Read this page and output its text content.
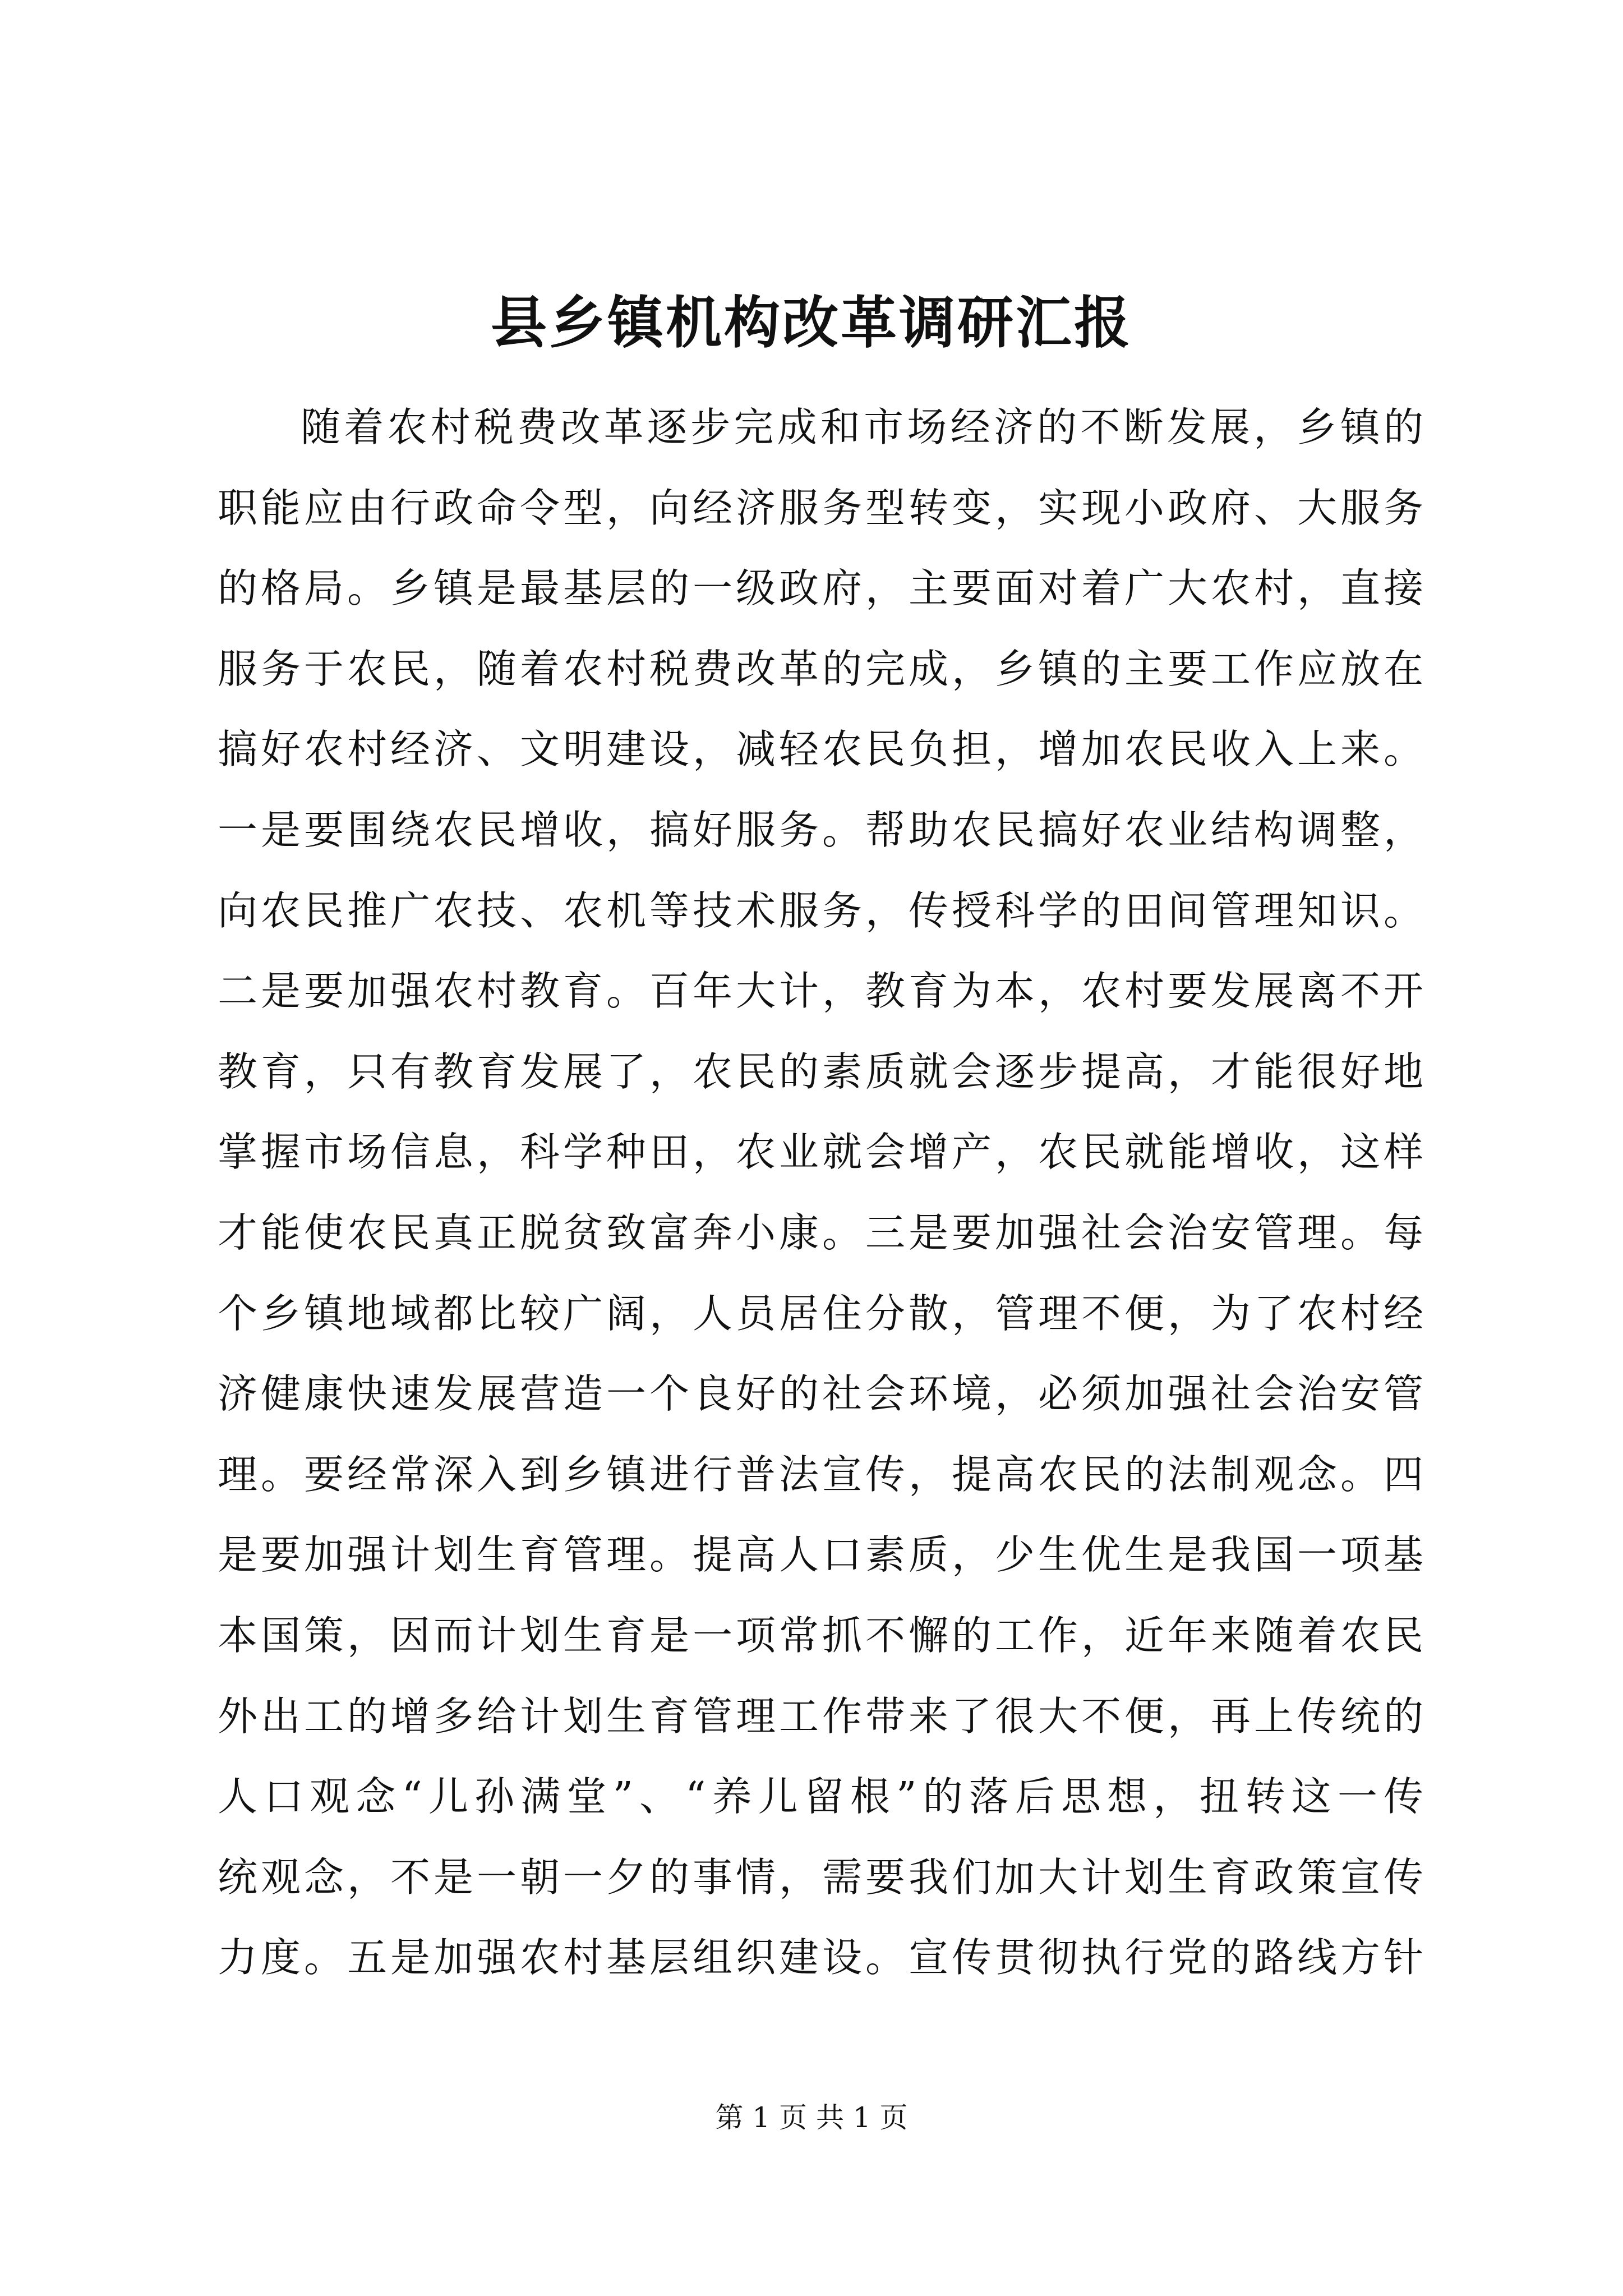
县乡镇机构改革调研汇报
随着农村税费改革逐步完成和市场经济的不断发展，乡镇的
职能应由行政命令型，向经济服务型转变，实现小政府、大服务
的格局。乡镇是最基层的一级政府，主要面对着广大农村，直接
服务于农民，随着农村税费改革的完成，乡镇的主要工作应放在
搞好农村经济、文明建设，减轻农民负担，增加农民收入上来。
一是要围绕农民增收，搞好服务。帮助农民搞好农业结构调整，
向农民推广农技、农机等技术服务，传授科学的田间管理知识。
二是要加强农村教育。百年大计，教育为本，农村要发展离不开
教育，只有教育发展了，农民的素质就会逐步提高，才能很好地
掌握市场信息，科学种田，农业就会增产，农民就能增收，这样
才能使农民真正脱贫致富奔小康。三是要加强社会治安管理。每
个乡镇地域都比较广阔，人员居住分散，管理不便，为了农村经
济健康快速发展营造一个良好的社会环境，必须加强社会治安管
理。要经常深入到乡镇进行普法宣传，提高农民的法制观念。四
是要加强计划生育管理。提高人口素质，少生优生是我国一项基
本国策，因而计划生育是一项常抓不懈的工作，近年来随着农民
外出工的增多给计划生育管理工作带来了很大不便，再上传统的
人口观念“儿孙满堂”、“养儿留根”的落后思想，扭转这一传
统观念，不是一朝一夕的事情，需要我们加大计划生育政策宣传
力度。五是加强农村基层组织建设。宣传贯彻执行党的路线方针
第 1 页 共 1 页
